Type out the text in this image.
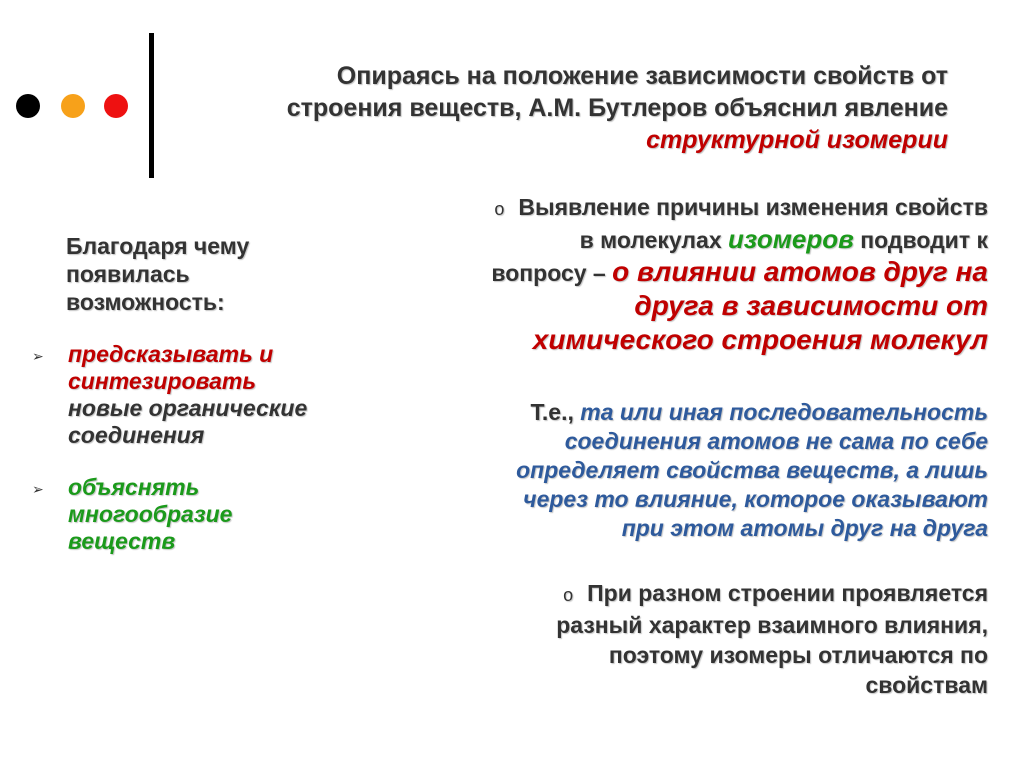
Опираясь на положение зависимости свойств от
строения веществ, А.М. Бутлеров объяснил явление
структурной изомерии
Благодаря чему
появилась
возможность:
➢ предсказывать и
синтезировать
новые органические
соединения
➢ объяснять
многообразие
веществ
o Выявление причины изменения свойств
в молекулах изомеров подводит к
вопросу – о влиянии атомов друг на
друга в зависимости от
химического строения молекул
Т.е., та или иная последовательность
соединения атомов не сама по себе
определяет свойства веществ, а лишь
через то влияние, которое оказывают
при этом атомы друг на друга
o При разном строении проявляется
разный характер взаимного влияния,
поэтому изомеры отличаются по
свойствам
